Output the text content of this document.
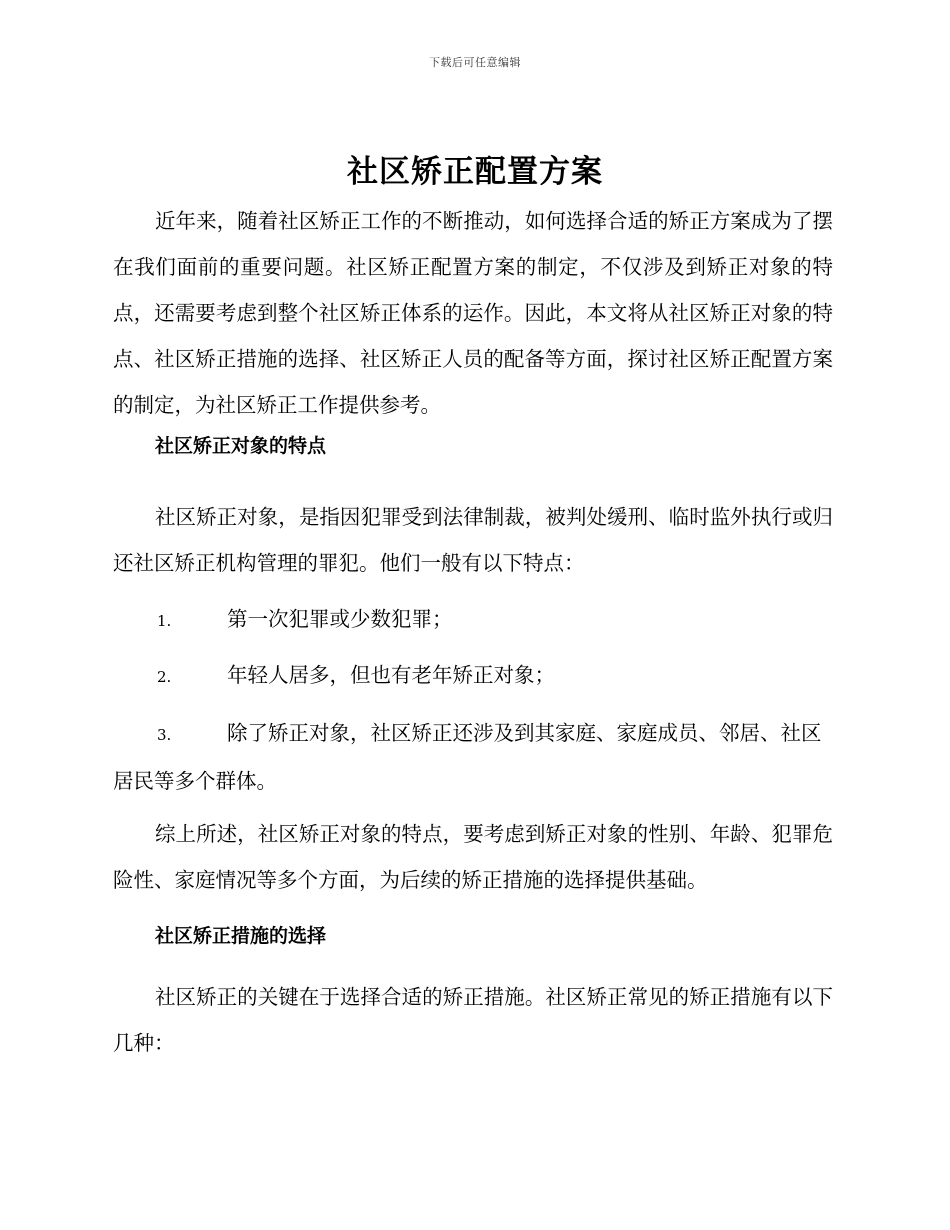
下载后可任意编辑
社区矫正配置方案

近年来，随着社区矫正工作的不断推动，如何选择合适的矫正方案成为了摆在我们面前的重要问题。社区矫正配置方案的制定，不仅涉及到矫正对象的特点，还需要考虑到整个社区矫正体系的运作。因此，本文将从社区矫正对象的特点、社区矫正措施的选择、社区矫正人员的配备等方面，探讨社区矫正配置方案的制定，为社区矫正工作提供参考。

社区矫正对象的特点

社区矫正对象，是指因犯罪受到法律制裁，被判处缓刑、临时监外执行或归还社区矫正机构管理的罪犯。他们一般有以下特点：

1.	第一次犯罪或少数犯罪；

2.	年轻人居多，但也有老年矫正对象；

3.	除了矫正对象，社区矫正还涉及到其家庭、家庭成员、邻居、社区居民等多个群体。

综上所述，社区矫正对象的特点，要考虑到矫正对象的性别、年龄、犯罪危险性、家庭情况等多个方面，为后续的矫正措施的选择提供基础。

社区矫正措施的选择

社区矫正的关键在于选择合适的矫正措施。社区矫正常见的矫正措施有以下几种：
